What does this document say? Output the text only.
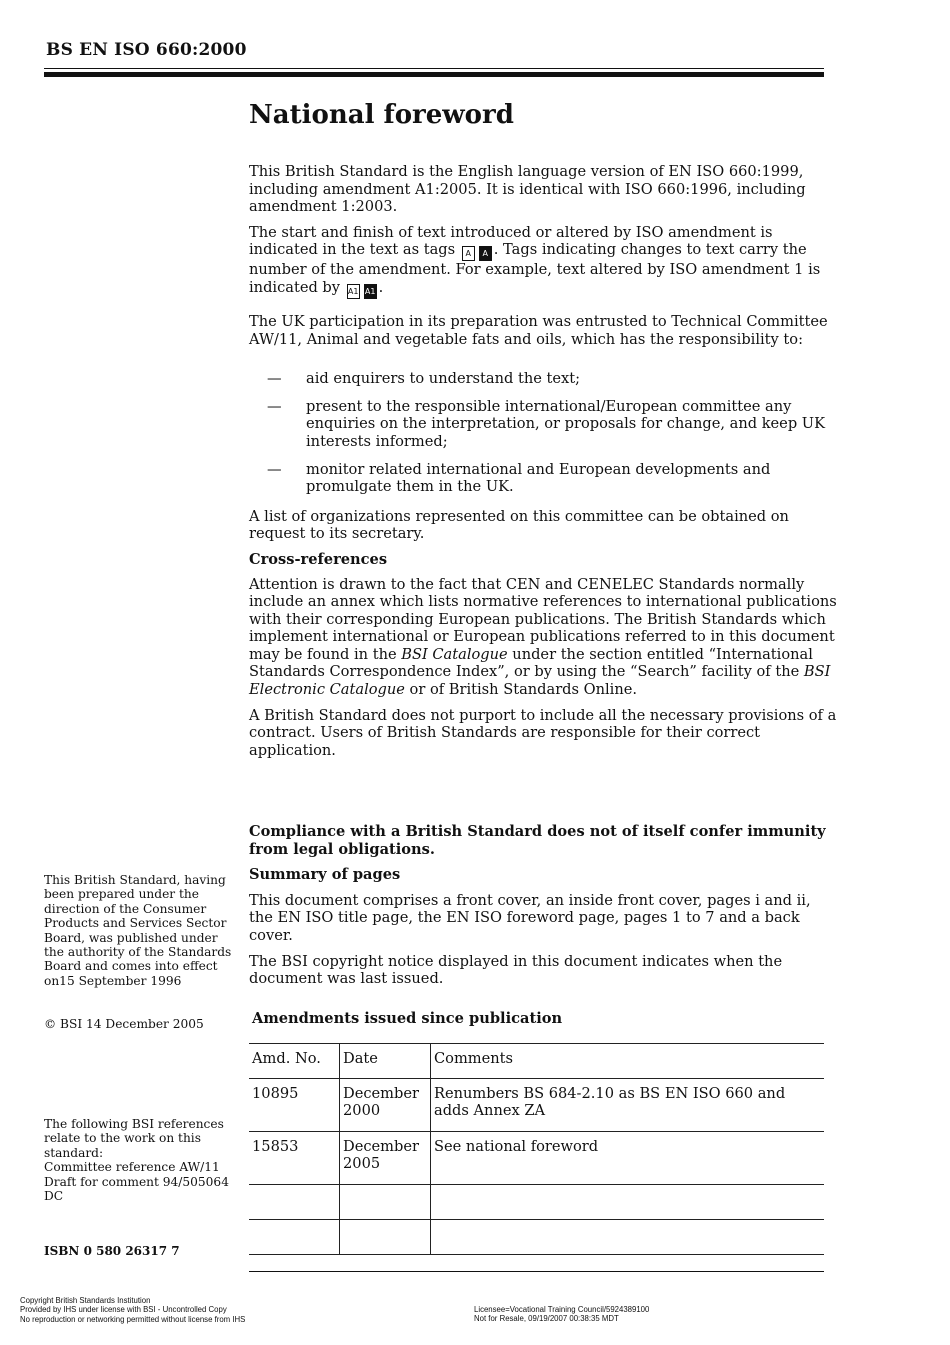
BS EN ISO 660:2000
National foreword

This British Standard is the English language version of EN ISO 660:1999, including amendment A1:2005. It is identical with ISO 660:1996, including amendment 1:2003.

The start and finish of text introduced or altered by ISO amendment is indicated in the text as tags A A . Tags indicating changes to text carry the number of the amendment. For example, text altered by ISO amendment 1 is indicated by A1 A1 .

The UK participation in its preparation was entrusted to Technical Committee AW/11, Animal and vegetable fats and oils, which has the responsibility to:

— aid enquirers to understand the text;
— present to the responsible international/European committee any enquiries on the interpretation, or proposals for change, and keep UK interests informed;
— monitor related international and European developments and promulgate them in the UK.

A list of organizations represented on this committee can be obtained on request to its secretary.

Cross-references

Attention is drawn to the fact that CEN and CENELEC Standards normally include an annex which lists normative references to international publications with their corresponding European publications. The British Standards which implement international or European publications referred to in this document may be found in the BSI Catalogue under the section entitled “International Standards Correspondence Index”, or by using the “Search” facility of the BSI Electronic Catalogue or of British Standards Online.

A British Standard does not purport to include all the necessary provisions of a contract. Users of British Standards are responsible for their correct application.

Compliance with a British Standard does not of itself confer immunity from legal obligations.

Summary of pages

This document comprises a front cover, an inside front cover, pages i and ii, the EN ISO title page, the EN ISO foreword page, pages 1 to 7 and a back cover.

The BSI copyright notice displayed in this document indicates when the document was last issued.

This British Standard, having been prepared under the direction of the Consumer Products and Services Sector Board, was published under the authority of the Standards Board and comes into effect on15 September 1996
© BSI 14 December 2005
The following BSI references relate to the work on this standard:
Committee reference AW/11
Draft for comment 94/505064 DC
ISBN 0 580 26317 7
Amendments issued since publication
Amd. No.	Date	Comments
10895	December 2000	Renumbers BS 684-2.10 as BS EN ISO 660 and adds Annex ZA
15853	December 2005	See national foreword

Copyright British Standards Institution
Provided by IHS under license with BSI - Uncontrolled Copy
No reproduction or networking permitted without license from IHS
Licensee=Vocational Training Council/5924389100
Not for Resale, 09/19/2007 00:38:35 MDT
